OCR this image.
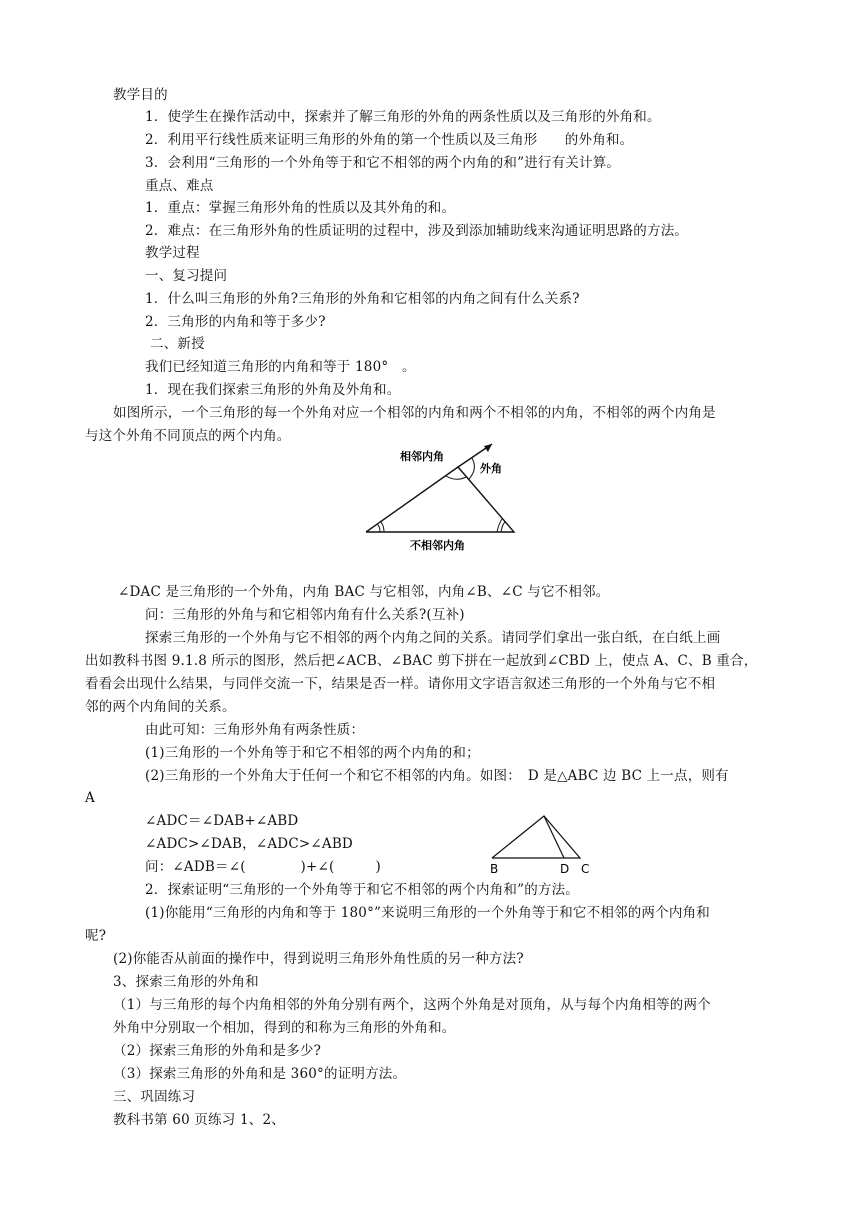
教学目的
1．使学生在操作活动中，探索并了解三角形的外角的两条性质以及三角形的外角和。
2．利用平行线性质来证明三角形的外角的第一个性质以及三角形　　的外角和。
3．会利用“三角形的一个外角等于和它不相邻的两个内角的和”进行有关计算。
重点、难点
1．重点：掌握三角形外角的性质以及其外角的和。
2．难点：在三角形外角的性质证明的过程中，涉及到添加辅助线来沟通证明思路的方法。
教学过程
一、复习提问
1．什么叫三角形的外角?三角形的外角和它相邻的内角之间有什么关系?
2．三角形的内角和等于多少?
二、新授
我们已经知道三角形的内角和等于 180°　。
1．现在我们探索三角形的外角及外角和。
如图所示，一个三角形的每一个外角对应一个相邻的内角和两个不相邻的内角，不相邻的两个内角是
与这个外角不同顶点的两个内角。
相邻内角
外角
不相邻内角
∠DAC 是三角形的一个外角，内角 BAC 与它相邻，内角∠B、∠C 与它不相邻。
问：三角形的外角与和它相邻内角有什么关系?(互补)
探索三角形的一个外角与它不相邻的两个内角之间的关系。请同学们拿出一张白纸，在白纸上画
出如教科书图 9.1.8 所示的图形，然后把∠ACB、∠BAC 剪下拼在一起放到∠CBD 上，使点 A、C、B 重合，
看看会出现什么结果，与同伴交流一下，结果是否一样。请你用文字语言叙述三角形的一个外角与它不相
邻的两个内角间的关系。
由此可知：三角形外角有两条性质：
(1)三角形的一个外角等于和它不相邻的两个内角的和；
(2)三角形的一个外角大于任何一个和它不相邻的内角。如图：　D 是△ABC 边 BC 上一点，则有
A
∠ADC＝∠DAB+∠ABD
∠ADC>∠DAB，∠ADC>∠ABD
问：∠ADB＝∠(　　　　)+∠(　　　)	B	D C
2．探索证明“三角形的一个外角等于和它不相邻的两个内角和”的方法。
(1)你能用“三角形的内角和等于 180°”来说明三角形的一个外角等于和它不相邻的两个内角和
呢?
(2)你能否从前面的操作中，得到说明三角形外角性质的另一种方法?
3、探索三角形的外角和
（1）与三角形的每个内角相邻的外角分别有两个，这两个外角是对顶角，从与每个内角相等的两个
外角中分别取一个相加，得到的和称为三角形的外角和。
（2）探索三角形的外角和是多少?
（3）探索三角形的外角和是 360°的证明方法。
三、巩固练习
教科书第 60 页练习 1、2、
